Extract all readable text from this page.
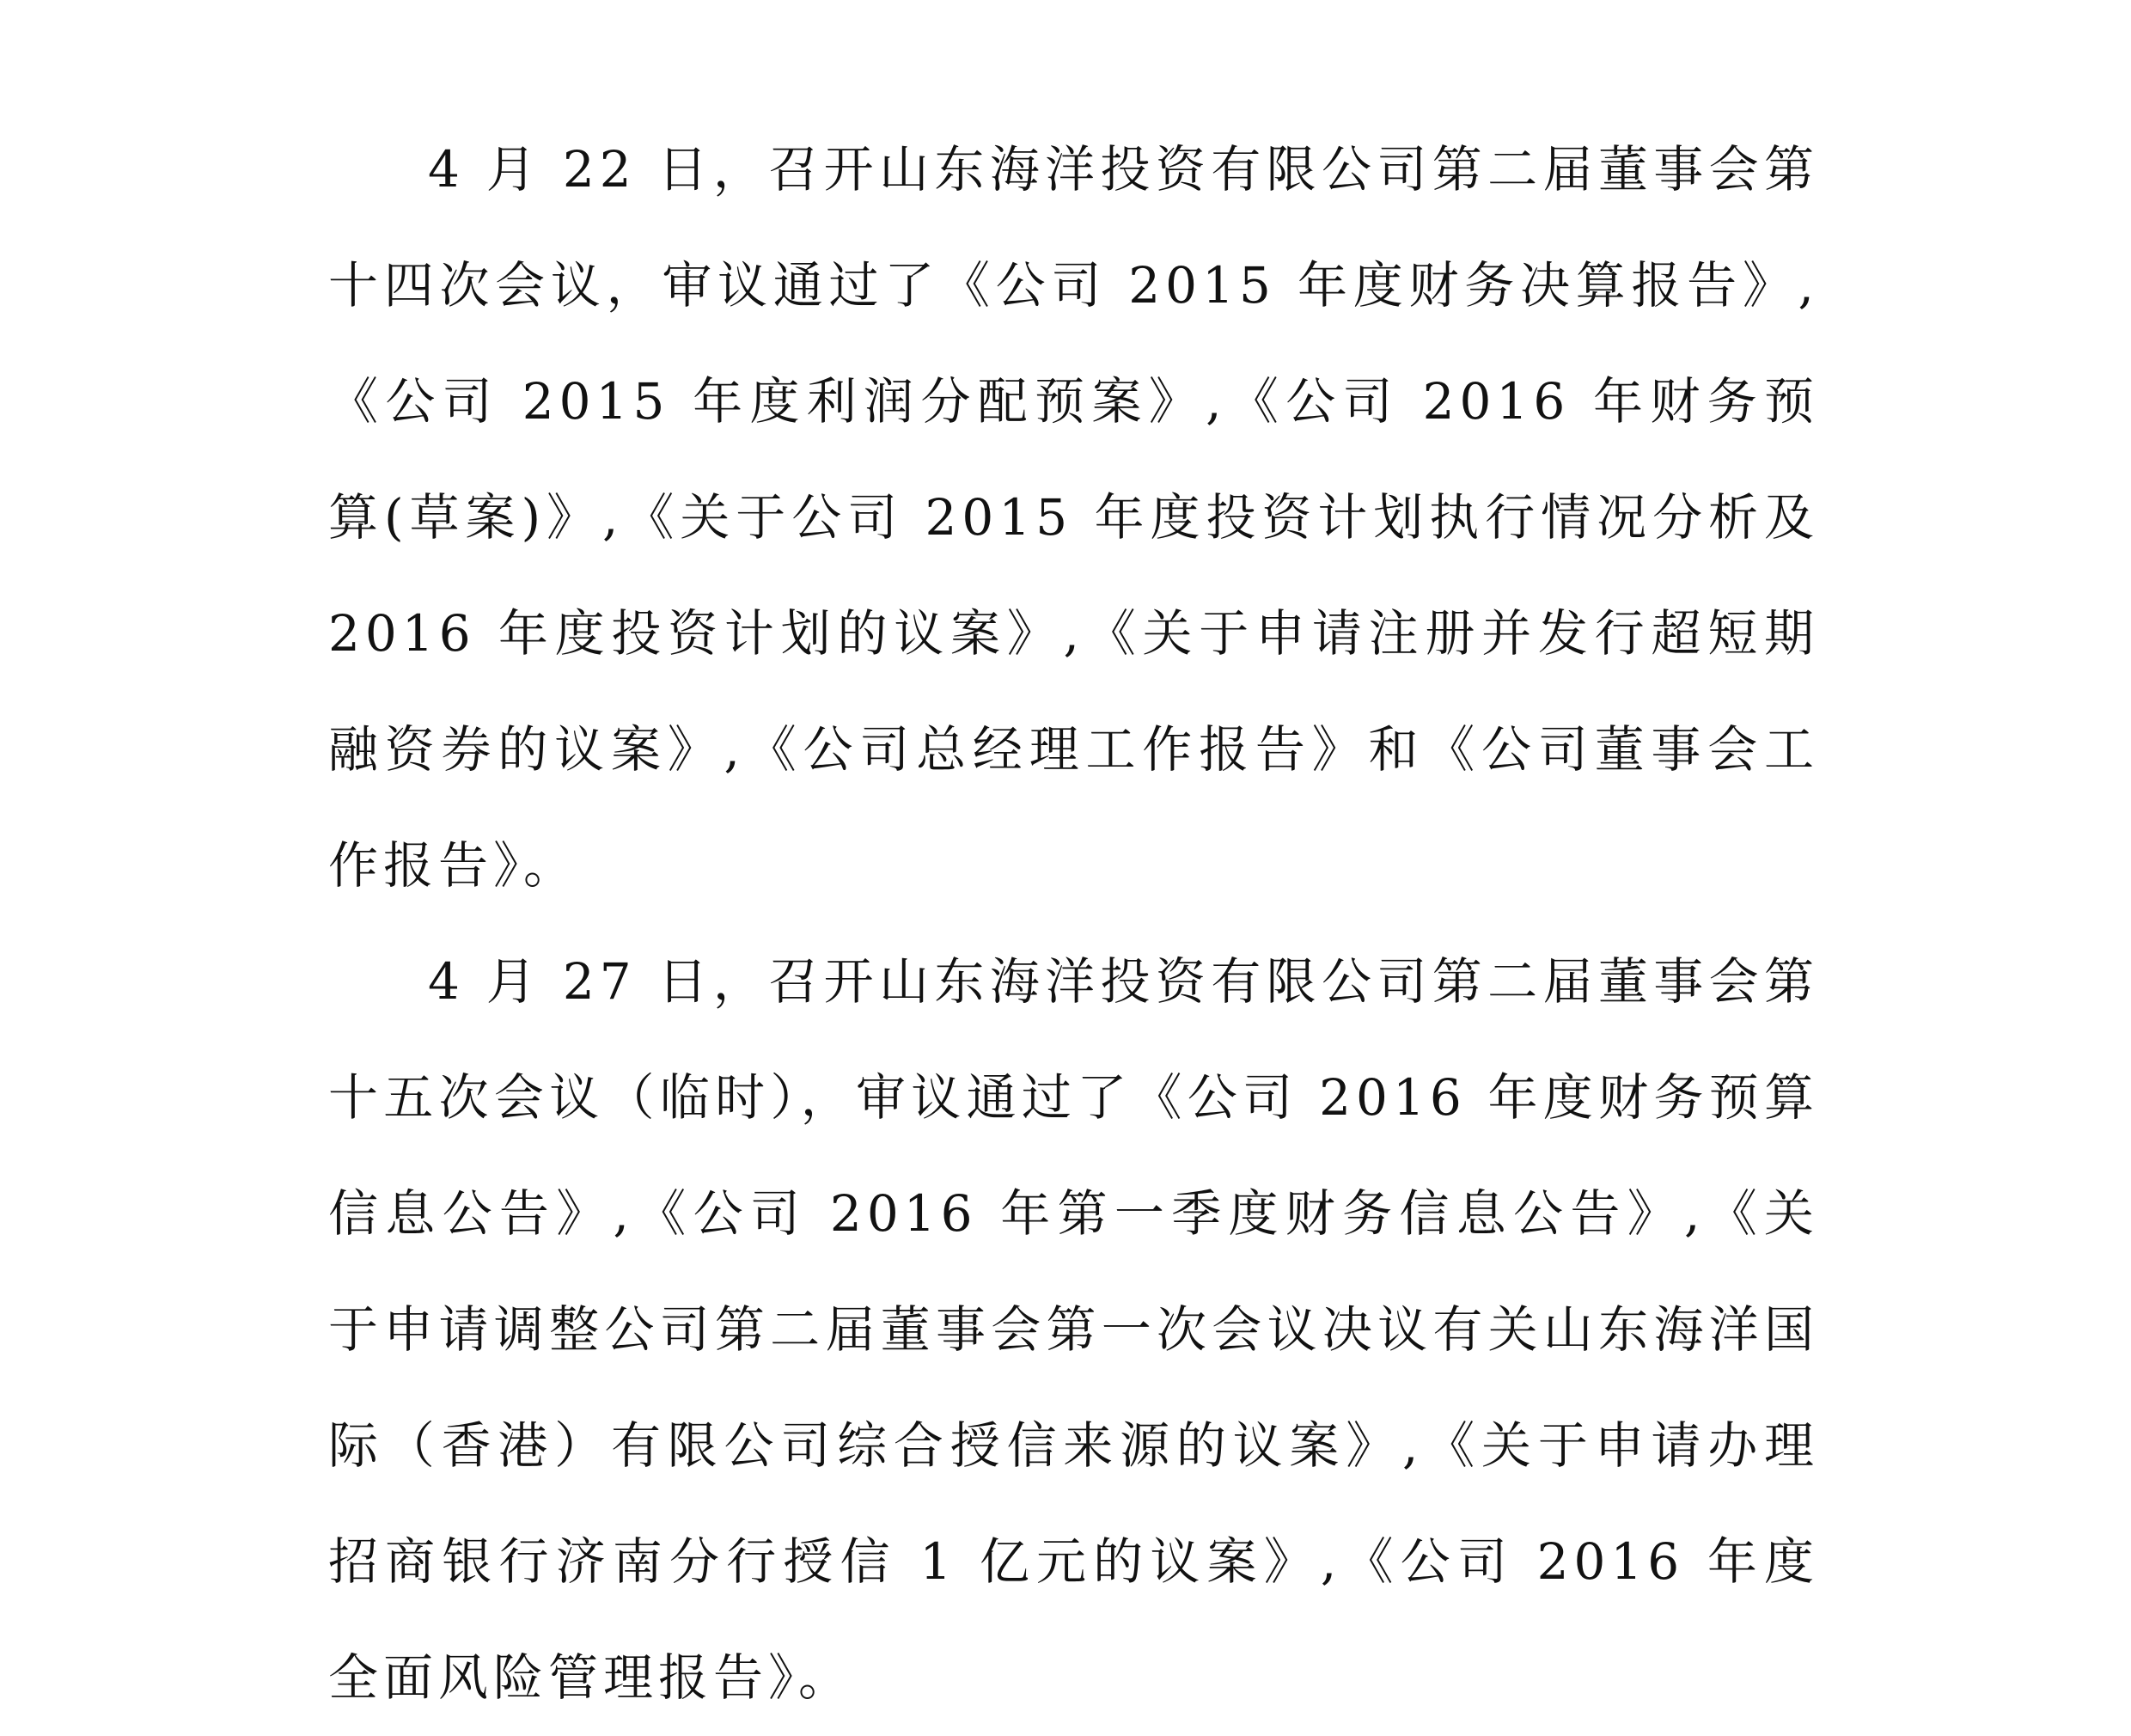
4 月 22 日，召开山东海洋投资有限公司第二届董事会第十四次会议，审议通过了《公司 2015 年度财务决算报告》,《公司 2015 年度利润分配预案》,《公司 2016 年财务预算(草案)》,《关于公司 2015 年度投资计划执行情况分析及 2016 年度投资计划的议案》,《关于申请注册并发行超短期融资券的议案》,《公司总经理工作报告》和《公司董事会工作报告》。

4 月 27 日，召开山东海洋投资有限公司第二届董事会第十五次会议（临时），审议通过了《公司 2016 年度财务预算信息公告》,《公司 2016 年第一季度财务信息公告》,《关于申请调整公司第二届董事会第一次会议决议有关山东海洋国际（香港）有限公司综合授信来源的议案》,《关于申请办理招商银行济南分行授信 1 亿元的议案》,《公司 2016 年度全面风险管理报告》。
